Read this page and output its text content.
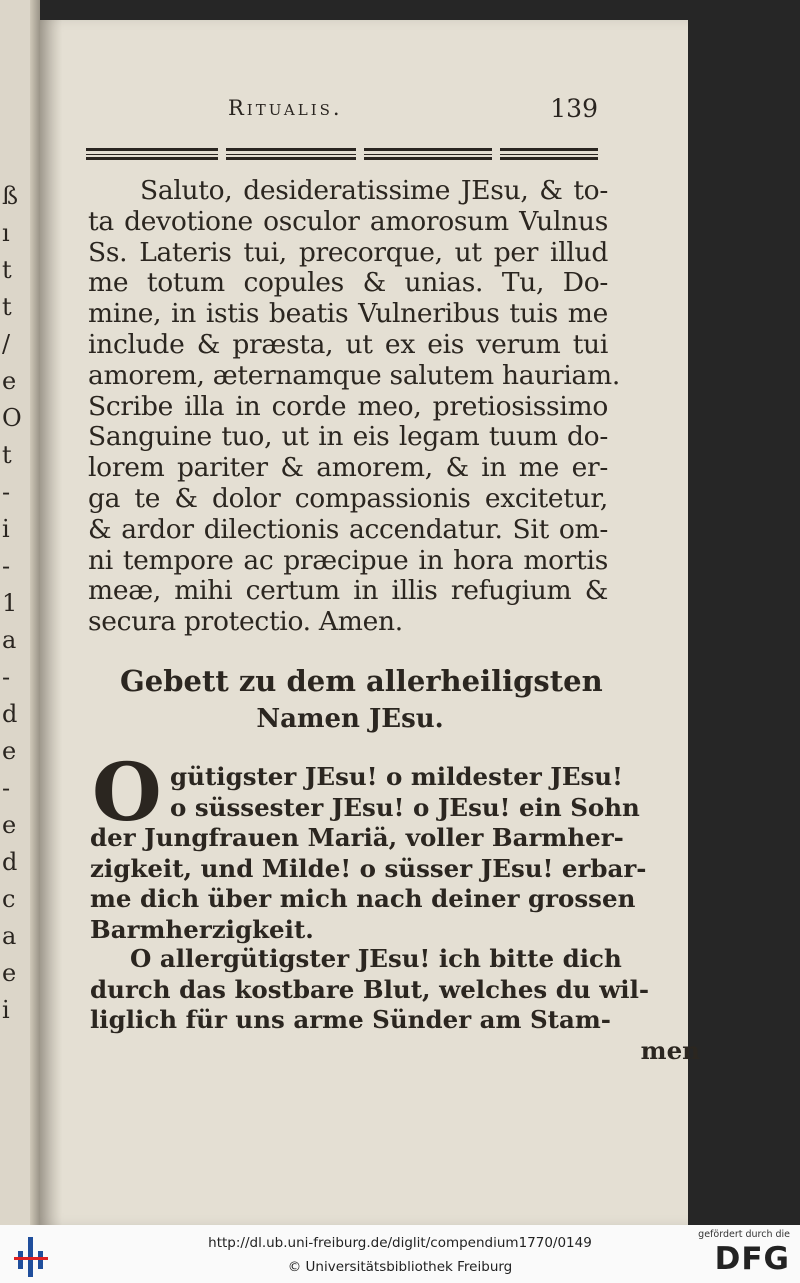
ß
ı
t
t
/
e
O
t
-
i
-
1
a
-
d
e
-
e
d
c
a
e
i
Ritualis.	139
Saluto, desideratissime JEsu, & to-
ta devotione osculor amorosum Vulnus
Ss. Lateris tui, precorque, ut per illud
me totum copules & unias. Tu, Do-
mine, in istis beatis Vulneribus tuis me
include & præsta, ut ex eis verum tui
amorem, æternamque salutem hauriam.
Scribe illa in corde meo, pretiosissimo
Sanguine tuo, ut in eis legam tuum do-
lorem pariter & amorem, & in me er-
ga te & dolor compassionis excitetur,
& ardor dilectionis accendatur. Sit om-
ni tempore ac præcipue in hora mortis
meæ, mihi certum in illis refugium &
secura protectio. Amen.
Gebett zu dem allerheiligsten
Namen JEsu.
O gütigster JEsu! o mildester JEsu!
o süssester JEsu! o JEsu! ein Sohn
der Jungfrauen Mariä, voller Barmher-
zigkeit, und Milde! o süsser JEsu! erbar-
me dich über mich nach deiner grossen
Barmherzigkeit.
O allergütigster JEsu! ich bitte dich
durch das kostbare Blut, welches du wil-
liglich für uns arme Sünder am Stam-
men
http://dl.ub.uni-freiburg.de/diglit/compendium1770/0149
© Universitätsbibliothek Freiburg
gefördert durch die
DFG
